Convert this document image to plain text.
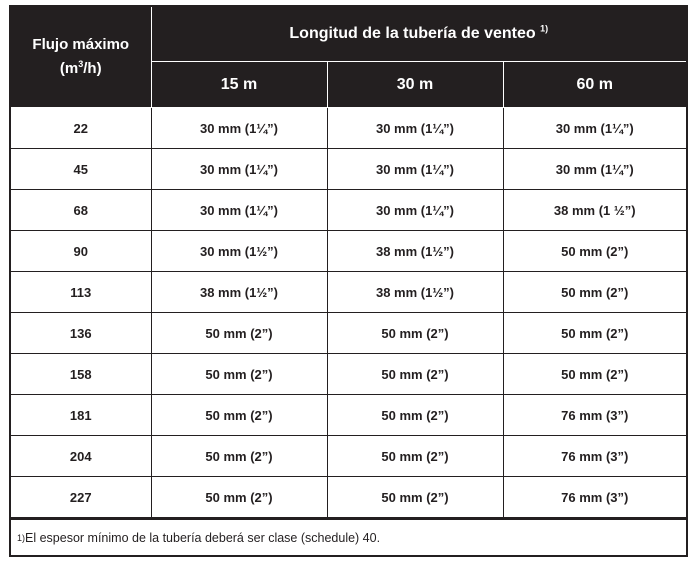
Flujo máximo
$(m^3/h)$	Longitud de la tubería de venteo $^{1)}$
	15 m	30 m	60 m
22	30 mm (1¼”)	30 mm (1¼”)	30 mm (1¼”)
45	30 mm (1¼”)	30 mm (1¼”)	30 mm (1¼”)
68	30 mm (1¼”)	30 mm (1¼”)	38 mm (1 ½”)
90	30 mm (1½”)	38 mm (1½”)	50 mm (2”)
113	38 mm (1½”)	38 mm (1½”)	50 mm (2”)
136	50 mm (2”)	50 mm (2”)	50 mm (2”)
158	50 mm (2”)	50 mm (2”)	50 mm (2”)
181	50 mm (2”)	50 mm (2”)	76 mm (3”)
204	50 mm (2”)	50 mm (2”)	76 mm (3”)
227	50 mm (2”)	50 mm (2”)	76 mm (3”)
1) El espesor mínimo de la tubería deberá ser clase (schedule) 40.
